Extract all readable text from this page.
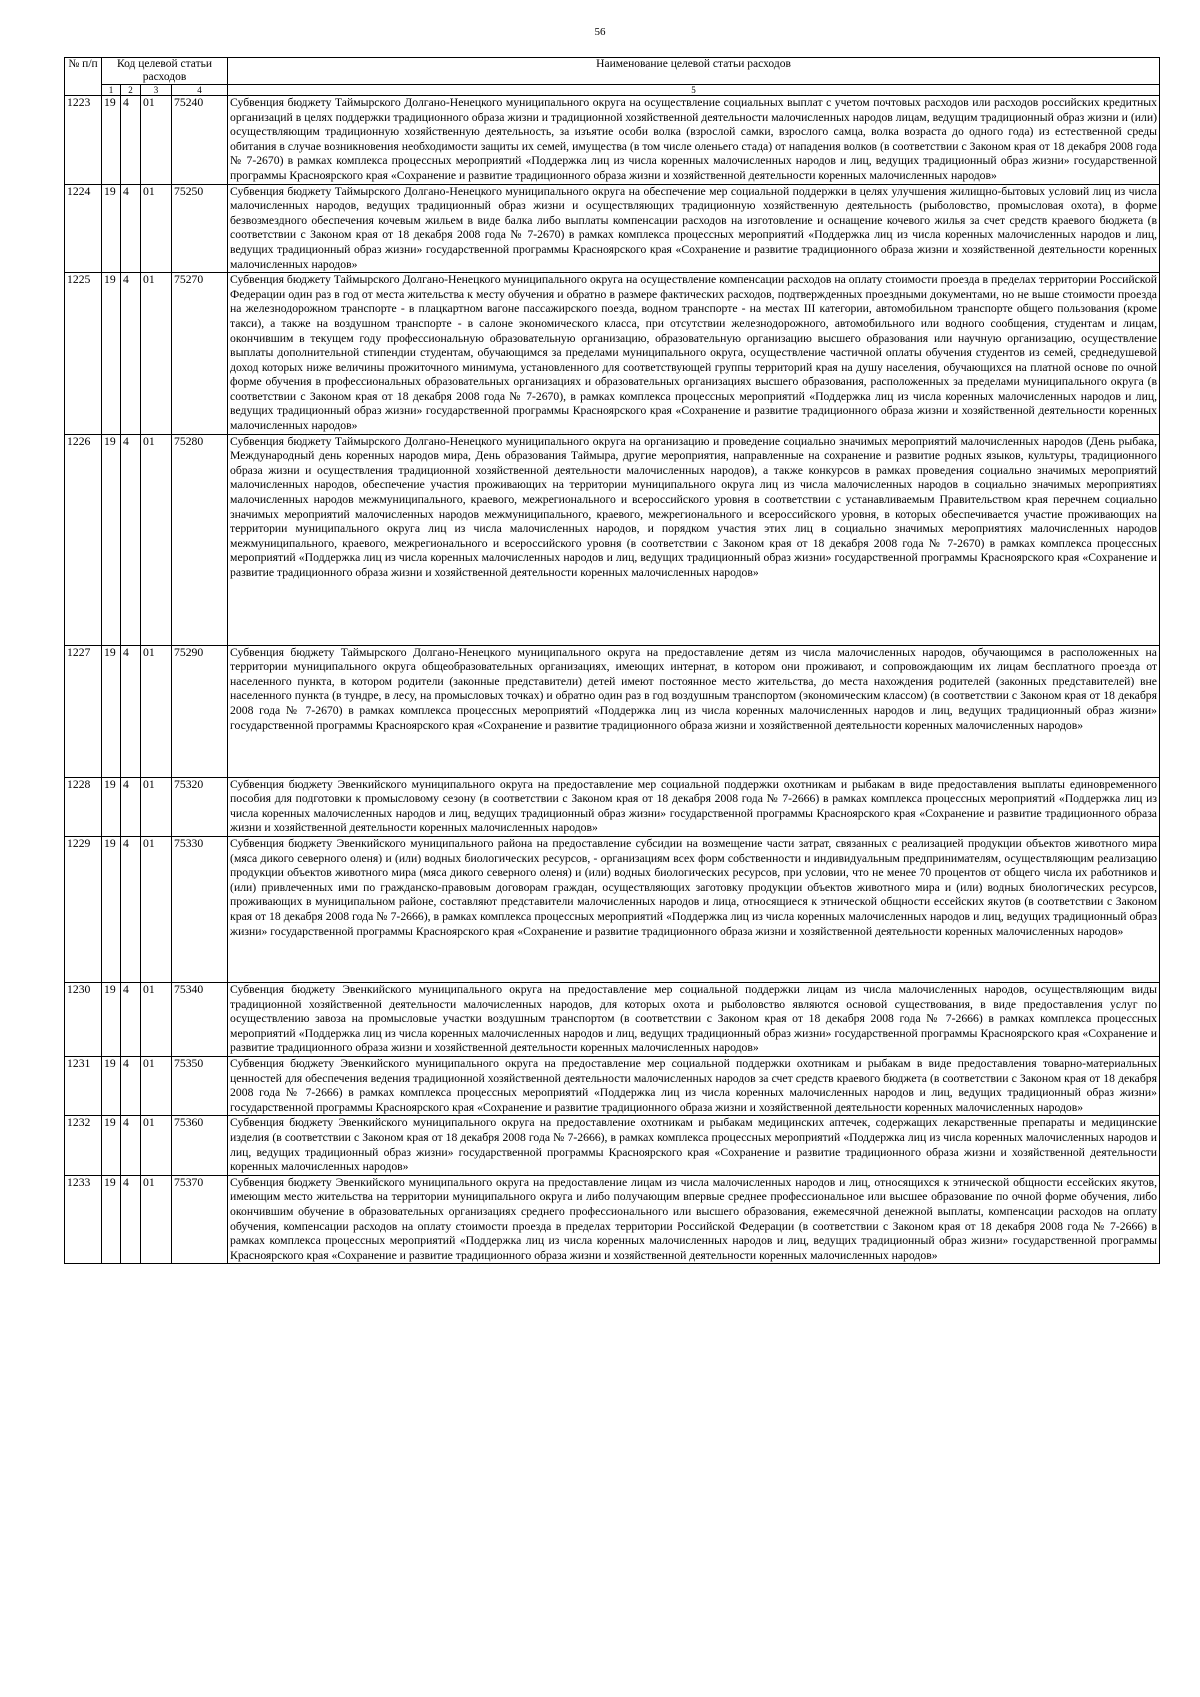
56
№ п/п	Код целевой статьи расходов				Наименование целевой статьи расходов
	1	2	3	4	5
1223	19	4	01	75240	Субвенция бюджету Таймырского Долгано-Ненецкого муниципального округа на осуществление социальных выплат с учетом почтовых расходов или расходов российских кредитных организаций в целях поддержки традиционного образа жизни и традиционной хозяйственной деятельности малочисленных народов лицам, ведущим традиционный образ жизни и (или) осуществляющим традиционную хозяйственную деятельность, за изъятие особи волка (взрослой самки, взрослого самца, волка возраста до одного года) из естественной среды обитания в случае возникновения необходимости защиты их семей, имущества (в том числе оленьего стада) от нападения волков (в соответствии с Законом края от 18 декабря 2008 года № 7-2670) в рамках комплекса процессных мероприятий «Поддержка лиц из числа коренных малочисленных народов и лиц, ведущих традиционный образ жизни» государственной программы Красноярского края «Сохранение и развитие традиционного образа жизни и хозяйственной деятельности коренных малочисленных народов»
1224	19	4	01	75250	Субвенция бюджету Таймырского Долгано-Ненецкого муниципального округа на обеспечение мер социальной поддержки в целях улучшения жилищно-бытовых условий лиц из числа малочисленных народов, ведущих традиционный образ жизни и осуществляющих традиционную хозяйственную деятельность (рыболовство, промысловая охота), в форме безвозмездного обеспечения кочевым жильем в виде балка либо выплаты компенсации расходов на изготовление и оснащение кочевого жилья за счет средств краевого бюджета (в соответствии с Законом края от 18 декабря 2008 года № 7-2670) в рамках комплекса процессных мероприятий «Поддержка лиц из числа коренных малочисленных народов и лиц, ведущих традиционный образ жизни» государственной программы Красноярского края «Сохранение и развитие традиционного образа жизни и хозяйственной деятельности коренных малочисленных народов»
1225	19	4	01	75270	Субвенция бюджету Таймырского Долгано-Ненецкого муниципального округа на осуществление компенсации расходов на оплату стоимости проезда в пределах территории Российской Федерации один раз в год от места жительства к месту обучения и обратно в размере фактических расходов, подтвержденных проездными документами, но не выше стоимости проезда на железнодорожном транспорте - в плацкартном вагоне пассажирского поезда, водном транспорте - на местах III категории, автомобильном транспорте общего пользования (кроме такси), а также на воздушном транспорте - в салоне экономического класса, при отсутствии железнодорожного, автомобильного или водного сообщения, студентам и лицам, окончившим в текущем году профессиональную образовательную организацию, образовательную организацию высшего образования или научную организацию, осуществление выплаты дополнительной стипендии студентам, обучающимся за пределами муниципального округа, осуществление частичной оплаты обучения студентов из семей, среднедушевой доход которых ниже величины прожиточного минимума, установленного для соответствующей группы территорий края на душу населения, обучающихся на платной основе по очной форме обучения в профессиональных образовательных организациях и образовательных организациях высшего образования, расположенных за пределами муниципального округа (в соответствии с Законом края от 18 декабря 2008 года № 7-2670), в рамках комплекса процессных мероприятий «Поддержка лиц из числа коренных малочисленных народов и лиц, ведущих традиционный образ жизни» государственной программы Красноярского края «Сохранение и развитие традиционного образа жизни и хозяйственной деятельности коренных малочисленных народов»
1226	19	4	01	75280	Субвенция бюджету Таймырского Долгано-Ненецкого муниципального округа на организацию и проведение социально значимых мероприятий малочисленных народов (День рыбака, Международный день коренных народов мира, День образования Таймыра, другие мероприятия, направленные на сохранение и развитие родных языков, культуры, традиционного образа жизни и осуществления традиционной хозяйственной деятельности малочисленных народов), а также конкурсов в рамках проведения социально значимых мероприятий малочисленных народов, обеспечение участия проживающих на территории муниципального округа лиц из числа малочисленных народов в социально значимых мероприятиях малочисленных народов межмуниципального, краевого, межрегионального и всероссийского уровня в соответствии с устанавливаемым Правительством края перечнем социально значимых мероприятий малочисленных народов межмуниципального, краевого, межрегионального и всероссийского уровня, в которых обеспечивается участие проживающих на территории муниципального округа лиц из числа малочисленных народов, и порядком участия этих лиц в социально значимых мероприятиях малочисленных народов межмуниципального, краевого, межрегионального и всероссийского уровня (в соответствии с Законом края от 18 декабря 2008 года № 7-2670) в рамках комплекса процессных мероприятий «Поддержка лиц из числа коренных малочисленных народов и лиц, ведущих традиционный образ жизни» государственной программы Красноярского края «Сохранение и развитие традиционного образа жизни и хозяйственной деятельности коренных малочисленных народов»
1227	19	4	01	75290	Субвенция бюджету Таймырского Долгано-Ненецкого муниципального округа на предоставление детям из числа малочисленных народов, обучающимся в расположенных на территории муниципального округа общеобразовательных организациях, имеющих интернат, в котором они проживают, и сопровождающим их лицам бесплатного проезда от населенного пункта, в котором родители (законные представители) детей имеют постоянное место жительства, до места нахождения родителей (законных представителей) вне населенного пункта (в тундре, в лесу, на промысловых точках) и обратно один раз в год воздушным транспортом (экономическим классом) (в соответствии с Законом края от 18 декабря 2008 года № 7-2670) в рамках комплекса процессных мероприятий «Поддержка лиц из числа коренных малочисленных народов и лиц, ведущих традиционный образ жизни» государственной программы Красноярского края «Сохранение и развитие традиционного образа жизни и хозяйственной деятельности коренных малочисленных народов»
1228	19	4	01	75320	Субвенция бюджету Эвенкийского муниципального округа на предоставление мер социальной поддержки охотникам и рыбакам в виде предоставления выплаты единовременного пособия для подготовки к промысловому сезону (в соответствии с Законом края от 18 декабря 2008 года № 7-2666) в рамках комплекса процессных мероприятий «Поддержка лиц из числа коренных малочисленных народов и лиц, ведущих традиционный образ жизни» государственной программы Красноярского края «Сохранение и развитие традиционного образа жизни и хозяйственной деятельности коренных малочисленных народов»
1229	19	4	01	75330	Субвенция бюджету Эвенкийского муниципального района на предоставление субсидии на возмещение части затрат, связанных с реализацией продукции объектов животного мира (мяса дикого северного оленя) и (или) водных биологических ресурсов, - организациям всех форм собственности и индивидуальным предпринимателям, осуществляющим реализацию продукции объектов животного мира (мяса дикого северного оленя) и (или) водных биологических ресурсов, при условии, что не менее 70 процентов от общего числа их работников и (или) привлеченных ими по гражданско-правовым договорам граждан, осуществляющих заготовку продукции объектов животного мира и (или) водных биологических ресурсов, проживающих в муниципальном районе, составляют представители малочисленных народов и лица, относящиеся к этнической общности ессейских якутов (в соответствии с Законом края от 18 декабря 2008 года № 7-2666), в рамках комплекса процессных мероприятий «Поддержка лиц из числа коренных малочисленных народов и лиц, ведущих традиционный образ жизни» государственной программы Красноярского края «Сохранение и развитие традиционного образа жизни и хозяйственной деятельности коренных малочисленных народов»
1230	19	4	01	75340	Субвенция бюджету Эвенкийского муниципального округа на предоставление мер социальной поддержки лицам из числа малочисленных народов, осуществляющим виды традиционной хозяйственной деятельности малочисленных народов, для которых охота и рыболовство являются основой существования, в виде предоставления услуг по осуществлению завоза на промысловые участки воздушным транспортом (в соответствии с Законом края от 18 декабря 2008 года № 7-2666) в рамках комплекса процессных мероприятий «Поддержка лиц из числа коренных малочисленных народов и лиц, ведущих традиционный образ жизни» государственной программы Красноярского края «Сохранение и развитие традиционного образа жизни и хозяйственной деятельности коренных малочисленных народов»
1231	19	4	01	75350	Субвенция бюджету Эвенкийского муниципального округа на предоставление мер социальной поддержки охотникам и рыбакам в виде предоставления товарно-материальных ценностей для обеспечения ведения традиционной хозяйственной деятельности малочисленных народов за счет средств краевого бюджета (в соответствии с Законом края от 18 декабря 2008 года № 7-2666) в рамках комплекса процессных мероприятий «Поддержка лиц из числа коренных малочисленных народов и лиц, ведущих традиционный образ жизни» государственной программы Красноярского края «Сохранение и развитие традиционного образа жизни и хозяйственной деятельности коренных малочисленных народов»
1232	19	4	01	75360	Субвенция бюджету Эвенкийского муниципального округа на предоставление охотникам и рыбакам медицинских аптечек, содержащих лекарственные препараты и медицинские изделия (в соответствии с Законом края от 18 декабря 2008 года № 7-2666), в рамках комплекса процессных мероприятий «Поддержка лиц из числа коренных малочисленных народов и лиц, ведущих традиционный образ жизни» государственной программы Красноярского края «Сохранение и развитие традиционного образа жизни и хозяйственной деятельности коренных малочисленных народов»
1233	19	4	01	75370	Субвенция бюджету Эвенкийского муниципального округа на предоставление лицам из числа малочисленных народов и лиц, относящихся к этнической общности ессейских якутов, имеющим место жительства на территории муниципального округа и либо получающим впервые среднее профессиональное или высшее образование по очной форме обучения, либо окончившим обучение в образовательных организациях среднего профессионального или высшего образования, ежемесячной денежной выплаты, компенсации расходов на оплату обучения, компенсации расходов на оплату стоимости проезда в пределах территории Российской Федерации (в соответствии с Законом края от 18 декабря 2008 года № 7-2666) в рамках комплекса процессных мероприятий «Поддержка лиц из числа коренных малочисленных народов и лиц, ведущих традиционный образ жизни» государственной программы Красноярского края «Сохранение и развитие традиционного образа жизни и хозяйственной деятельности коренных малочисленных народов»
